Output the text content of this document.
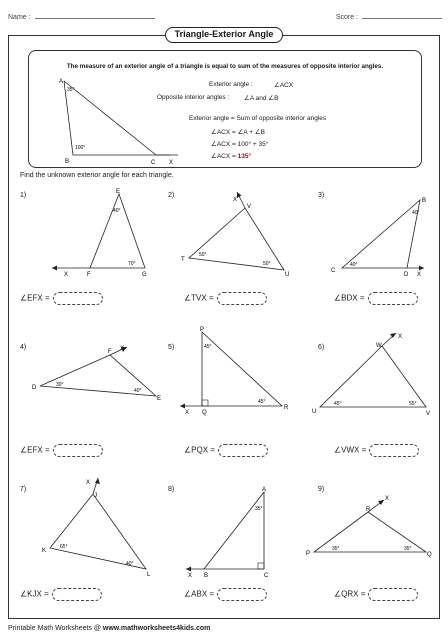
Name :	Score :
Triangle-Exterior Angle
The measure of an exterior angle of a triangle is equal to sum of the measures of opposite interior angles.
A
35°
100°
B	C X
Exterior angle :	∠ACX
Opposite interior angles : ∠A and ∠B
Exterior angle = Sum of opposite interior angles
∠ACX = ∠A + ∠B
∠ACX = 100° + 35°
∠ACX = 135°
Find the unknown exterior angle for each triangle.
1)	2)	3)
4)	5)	6)
7)	8)	9)
E
F	G
X
40°
70°
∠EFX =
V
T
U
X
50°
50°
∠TVX =
B
C
D X
40°
40°
∠BDX =
F
D
E
X
30°
40°
∠EFX =
P
Q
R
X
45°
45°
∠PQX =
W
U	V
X
45°	55°
∠VWX =
J
K
L
X
65°
40°
∠KJX =
A
B	C
X
35°
∠ABX =
R
P	Q
X
35°	35°
∠QRX =
Printable Math Worksheets @ www.mathworksheets4kids.com
